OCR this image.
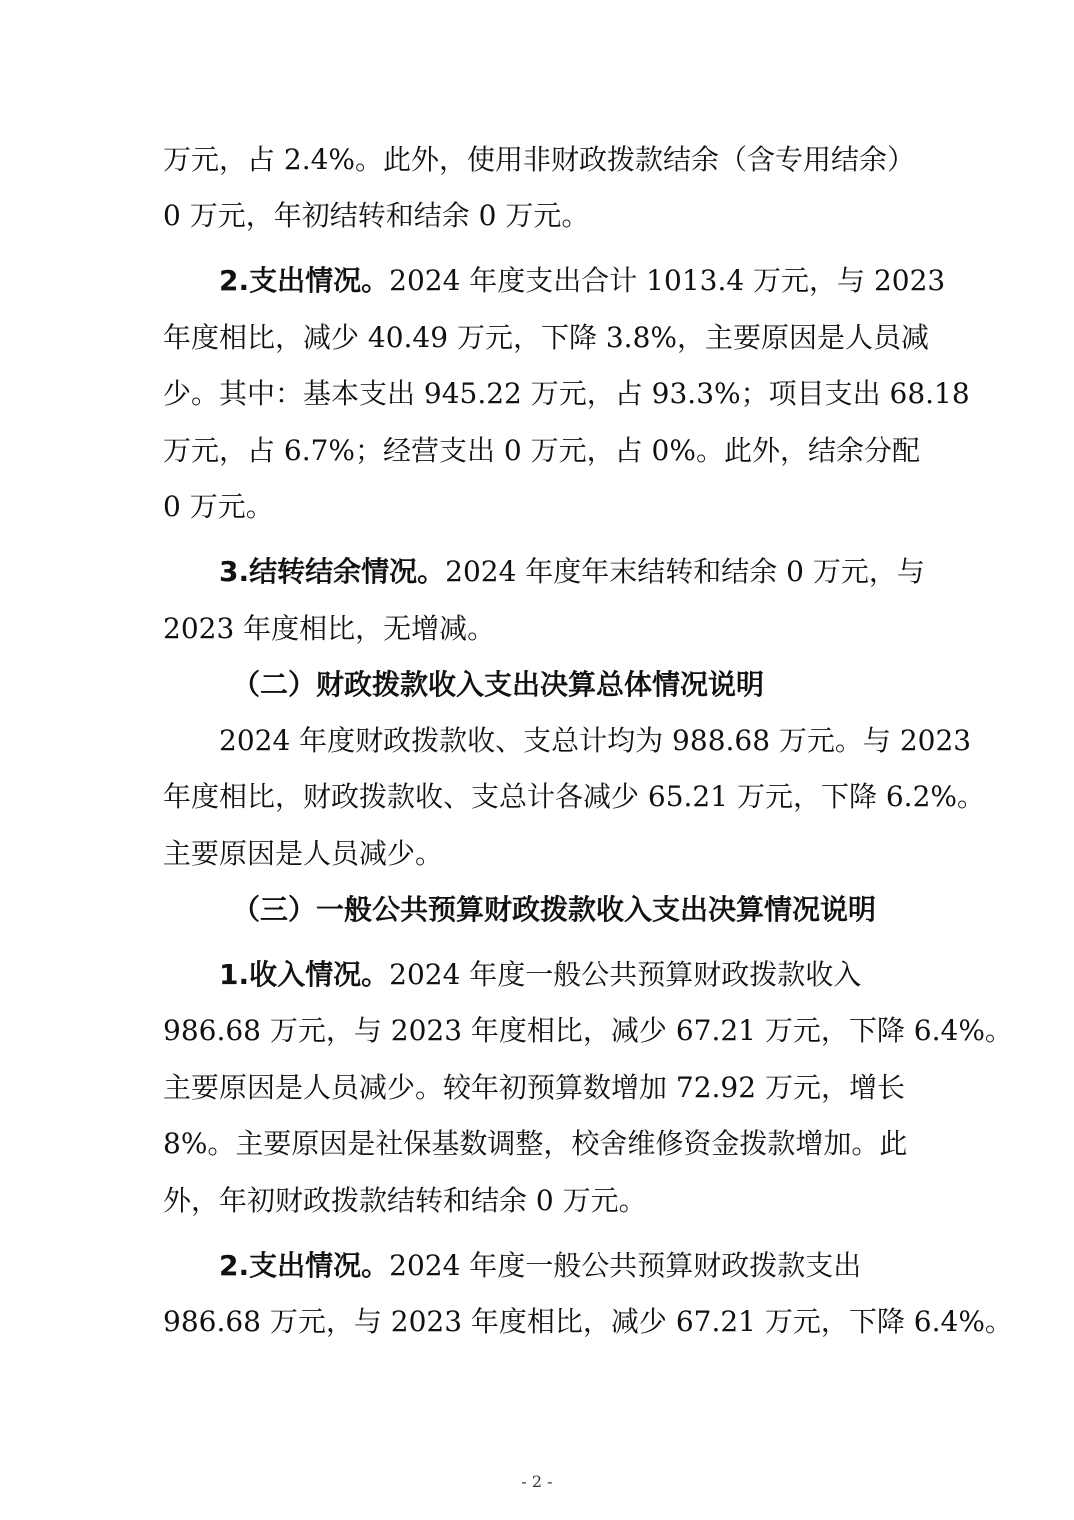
万元，占 2.4%。此外，使用非财政拨款结余（含专用结余）
0 万元，年初结转和结余 0 万元。
2.支出情况。2024 年度支出合计 1013.4 万元，与 2023
年度相比，减少 40.49 万元，下降 3.8%，主要原因是人员减
少。其中：基本支出 945.22 万元，占 93.3%；项目支出 68.18
万元，占 6.7%；经营支出 0 万元，占 0%。此外，结余分配
0 万元。
3.结转结余情况。2024 年度年末结转和结余 0 万元，与
2023 年度相比，无增减。
（二）财政拨款收入支出决算总体情况说明
2024 年度财政拨款收、支总计均为 988.68 万元。与 2023
年度相比，财政拨款收、支总计各减少 65.21 万元，下降 6.2%。
主要原因是人员减少。
（三）一般公共预算财政拨款收入支出决算情况说明
1.收入情况。2024 年度一般公共预算财政拨款收入
986.68 万元，与 2023 年度相比，减少 67.21 万元，下降 6.4%。
主要原因是人员减少。较年初预算数增加 72.92 万元，增长
8%。主要原因是社保基数调整，校舍维修资金拨款增加。此
外，年初财政拨款结转和结余 0 万元。
2.支出情况。2024 年度一般公共预算财政拨款支出
986.68 万元，与 2023 年度相比，减少 67.21 万元，下降 6.4%。
- 2 -
